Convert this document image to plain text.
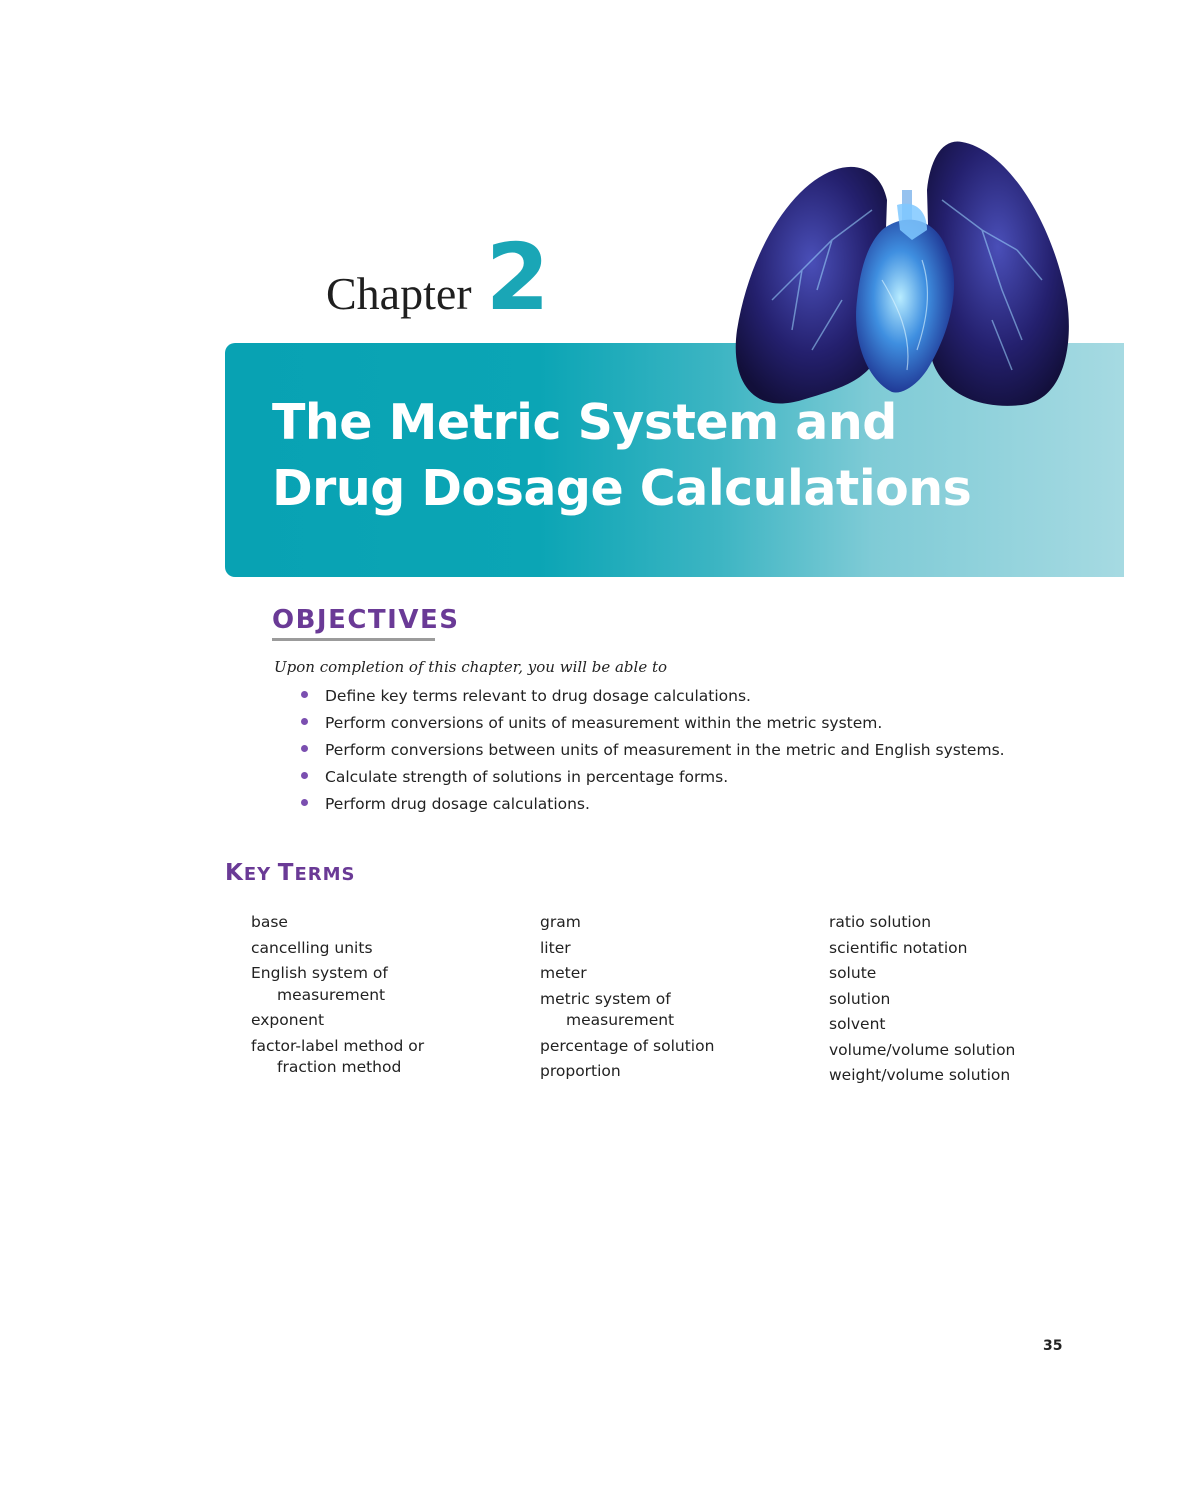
Chapter 2
The Metric System and
Drug Dosage Calculations
OBJECTIVES
Upon completion of this chapter, you will be able to
Define key terms relevant to drug dosage calculations.
Perform conversions of units of measurement within the metric system.
Perform conversions between units of measurement in the metric and English systems.
Calculate strength of solutions in percentage forms.
Perform drug dosage calculations.
KEY TERMS
base
cancelling units
English system of
measurement
exponent
factor-label method or
fraction method
gram
liter
meter
metric system of
measurement
percentage of solution
proportion
ratio solution
scientific notation
solute
solution
solvent
volume/volume solution
weight/volume solution
35
